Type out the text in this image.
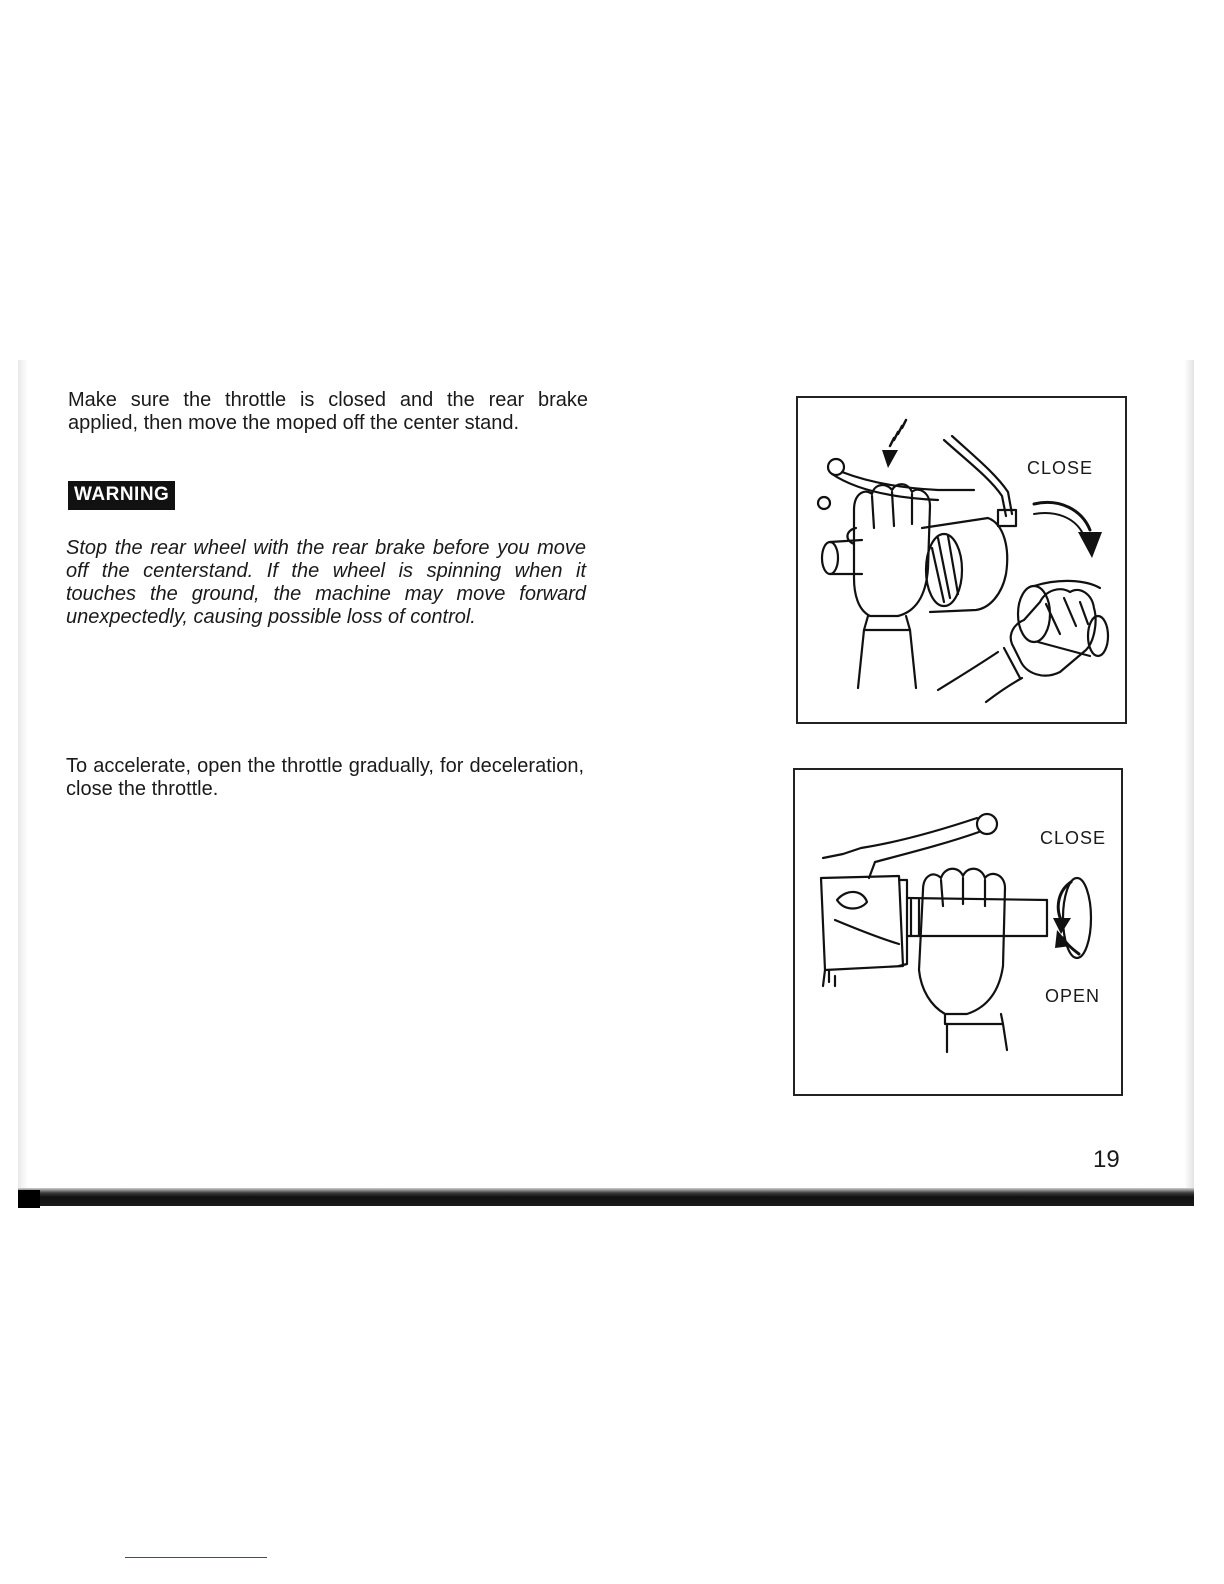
Make sure the throttle is closed and the rear brake applied, then move the moped off the center stand.
WARNING
Stop the rear wheel with the rear brake before you move off the centerstand. If the wheel is spinning when it touches the ground, the machine may move forward unexpectedly, causing possible loss of control.
To accelerate, open the throttle gradually, for deceleration, close the throttle.
CLOSE
CLOSE
OPEN
19
